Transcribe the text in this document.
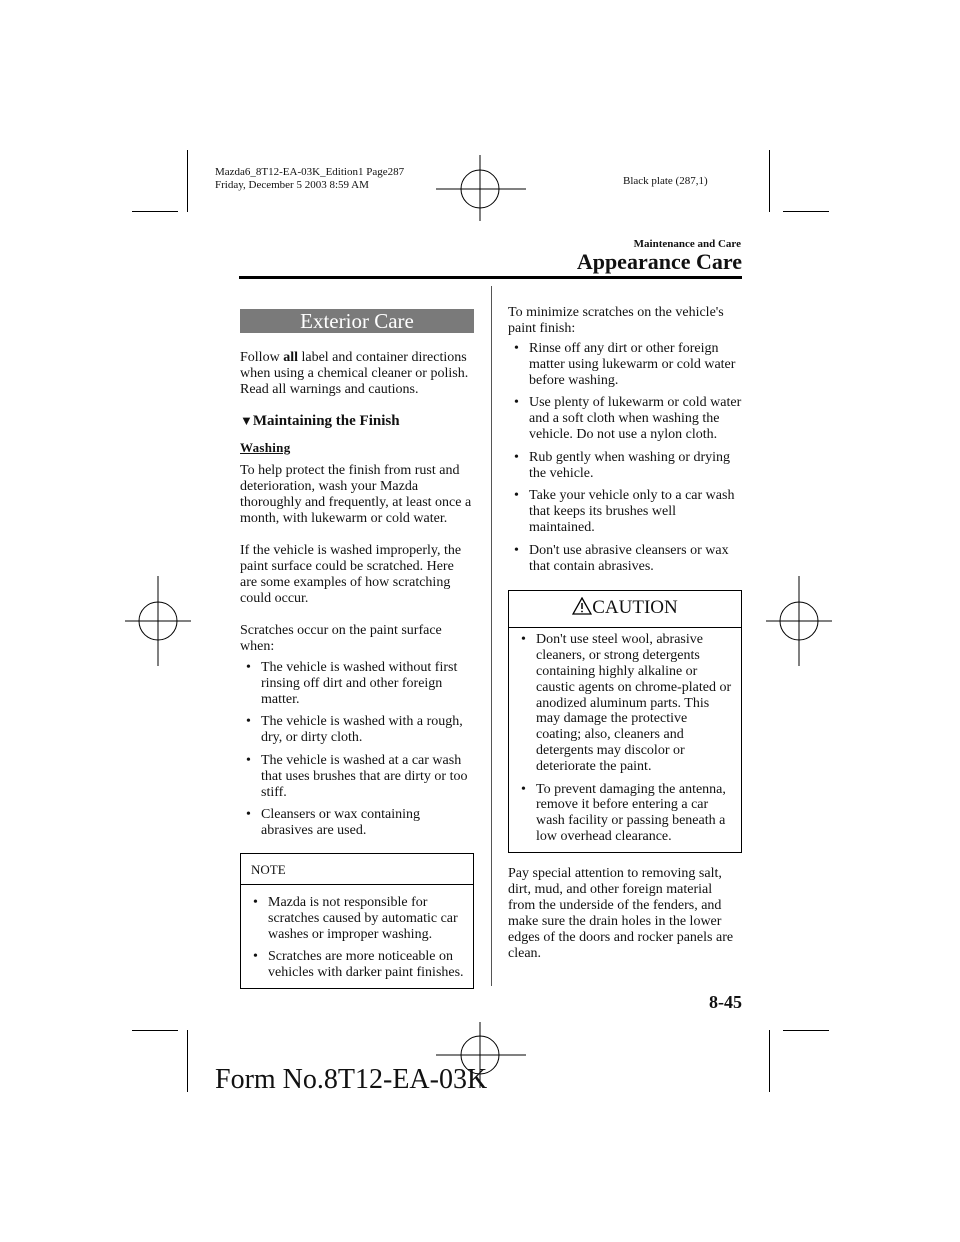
Mazda6_8T12-EA-03K_Edition1 Page287
Friday, December 5 2003 8:59 AM	Black plate (287,1)
Maintenance and Care
Appearance Care
Exterior Care
Follow all label and container directions when using a chemical cleaner or polish. Read all warnings and cautions.
▼Maintaining the Finish
Washing
To help protect the finish from rust and deterioration, wash your Mazda thoroughly and frequently, at least once a month, with lukewarm or cold water.
If the vehicle is washed improperly, the paint surface could be scratched. Here are some examples of how scratching could occur.
Scratches occur on the paint surface when:
• The vehicle is washed without first rinsing off dirt and other foreign matter.
• The vehicle is washed with a rough, dry, or dirty cloth.
• The vehicle is washed at a car wash that uses brushes that are dirty or too stiff.
• Cleansers or wax containing abrasives are used.
NOTE
• Mazda is not responsible for scratches caused by automatic car washes or improper washing.
• Scratches are more noticeable on vehicles with darker paint finishes.
To minimize scratches on the vehicle's paint finish:
• Rinse off any dirt or other foreign matter using lukewarm or cold water before washing.
• Use plenty of lukewarm or cold water and a soft cloth when washing the vehicle. Do not use a nylon cloth.
• Rub gently when washing or drying the vehicle.
• Take your vehicle only to a car wash that keeps its brushes well maintained.
• Don't use abrasive cleansers or wax that contain abrasives.
CAUTION
• Don't use steel wool, abrasive cleaners, or strong detergents containing highly alkaline or caustic agents on chrome-plated or anodized aluminum parts. This may damage the protective coating; also, cleaners and detergents may discolor or deteriorate the paint.
• To prevent damaging the antenna, remove it before entering a car wash facility or passing beneath a low overhead clearance.
Pay special attention to removing salt, dirt, mud, and other foreign material from the underside of the fenders, and make sure the drain holes in the lower edges of the doors and rocker panels are clean.
8-45
Form No.8T12-EA-03K
